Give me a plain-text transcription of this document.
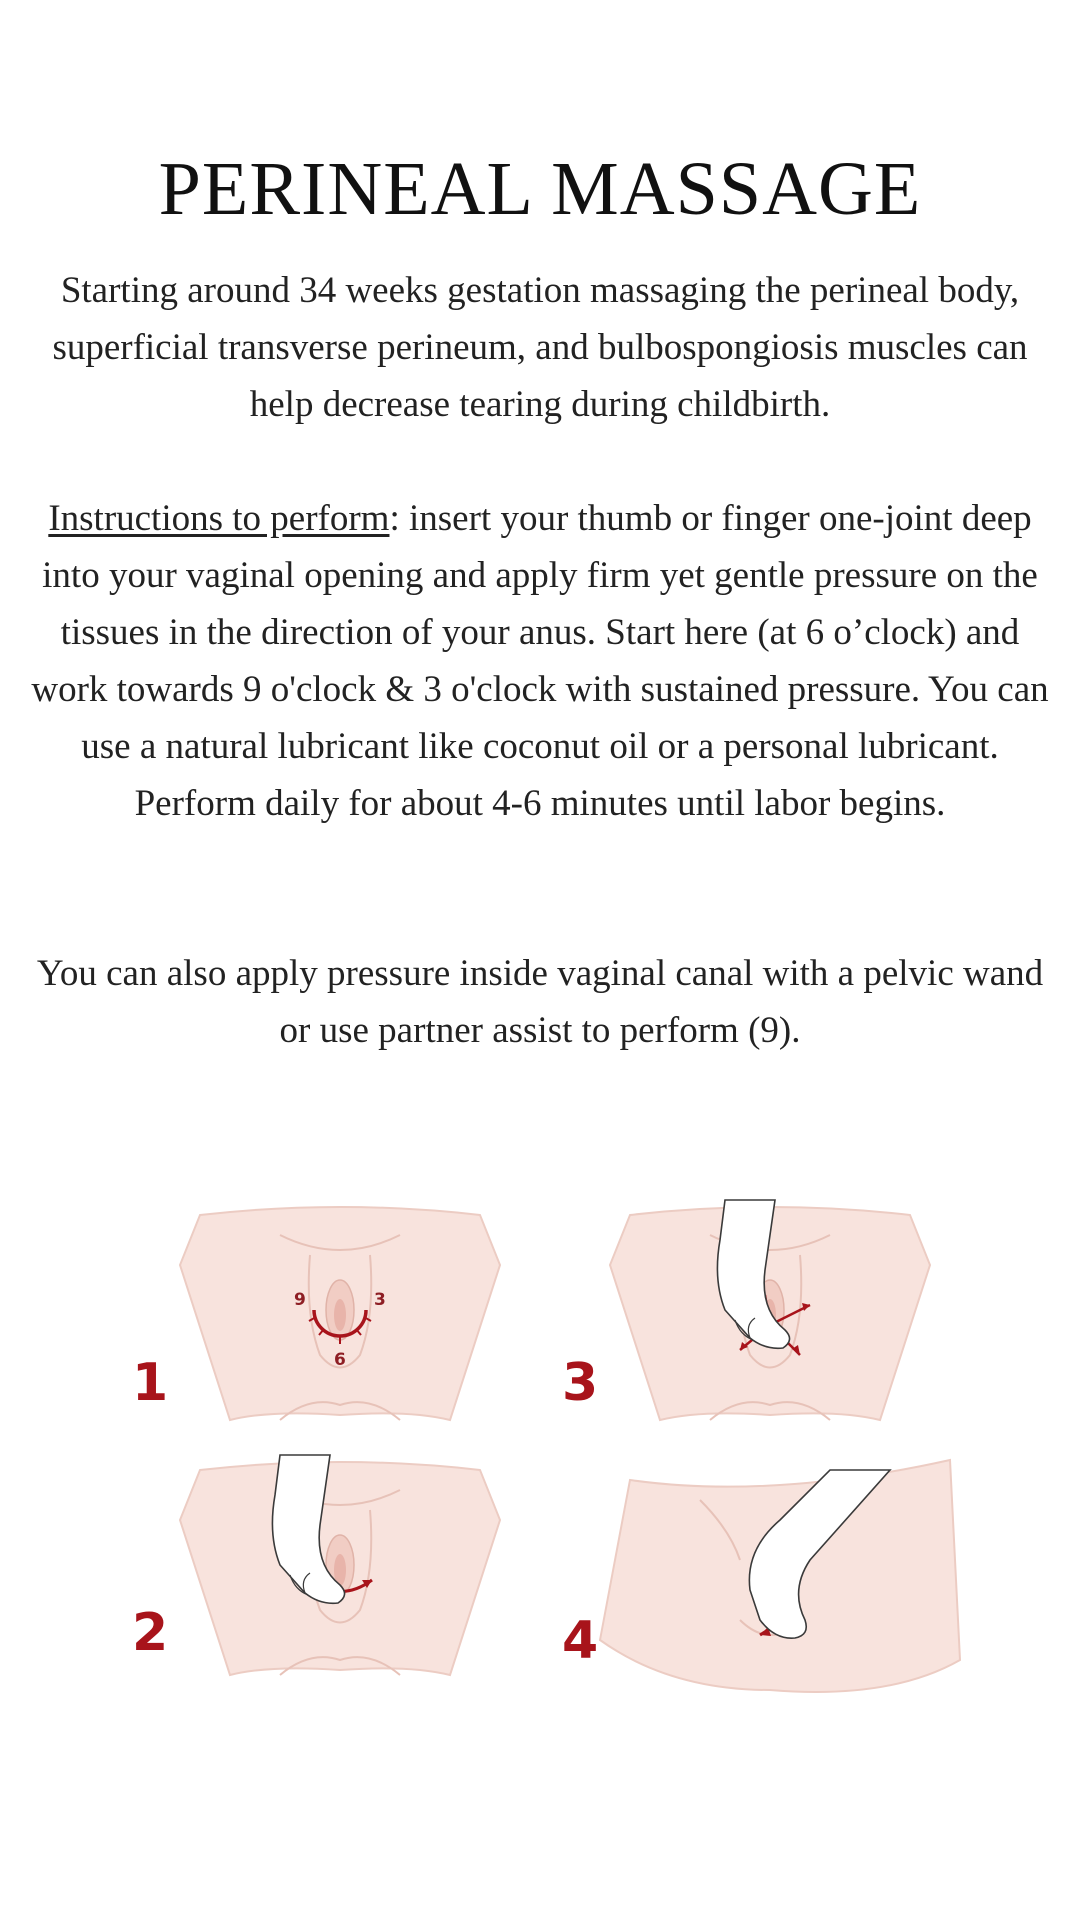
PERINEAL MASSAGE
Starting around 34 weeks gestation massaging the perineal body, superficial transverse perineum, and bulbospongiosis muscles can help decrease tearing during childbirth.
Instructions to perform: insert your thumb or finger one-joint deep into your vaginal opening and apply firm yet gentle pressure on the tissues in the direction of your anus. Start here (at 6 o’clock) and work towards 9 o'clock & 3 o'clock with sustained pressure. You can use a natural lubricant like coconut oil or a personal lubricant. Perform daily for about 4-6 minutes until labor begins.
You can also apply pressure inside vaginal canal with a pelvic wand or use partner assist to perform (9).
9	3
6
1	3
2	4
